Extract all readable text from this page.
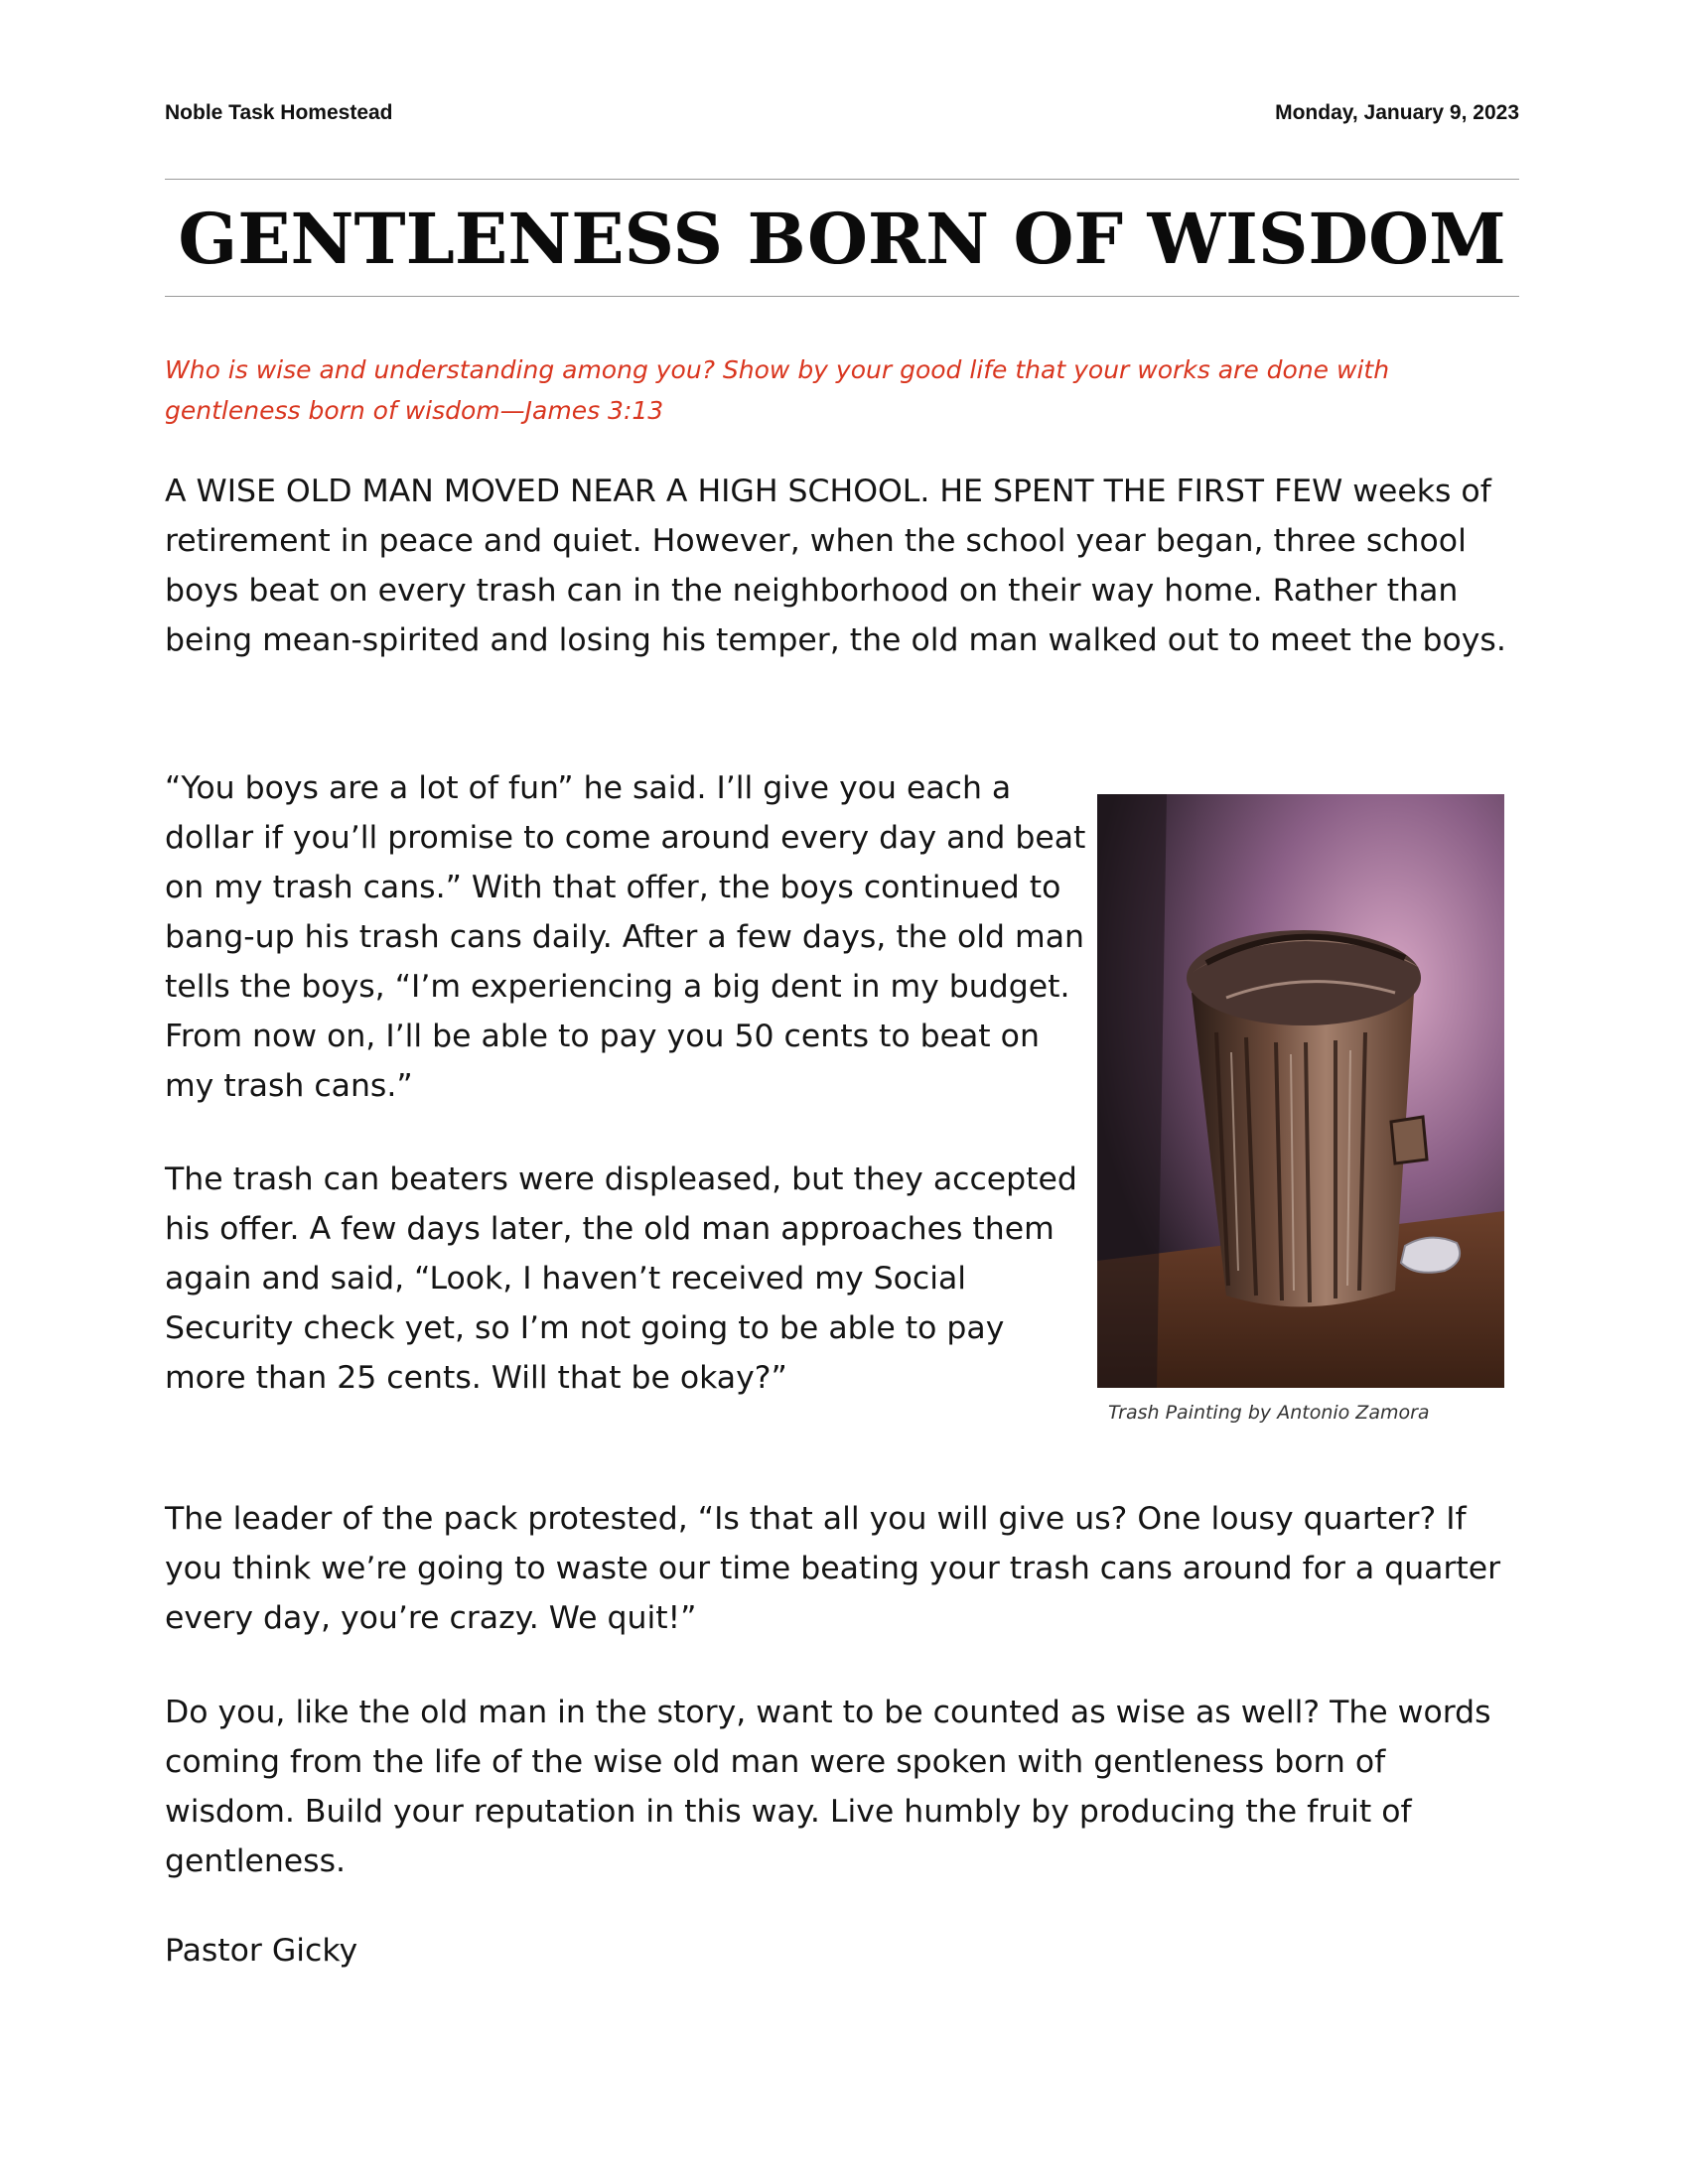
Noble Task Homestead	Monday, January 9, 2023
GENTLENESS BORN OF WISDOM
Who is wise and understanding among you? Show by your good life that your works are done with gentleness born of wisdom—James 3:13

A WISE OLD MAN MOVED NEAR A HIGH SCHOOL. HE SPENT THE FIRST FEW weeks of retirement in peace and quiet. However, when the school year began, three school boys beat on every trash can in the neighborhood on their way home. Rather than being mean-spirited and losing his temper, the old man walked out to meet the boys.

“You boys are a lot of fun” he said. I’ll give you each a dollar if you’ll promise to come around every day and beat on my trash cans.” With that offer, the boys continued to bang-up his trash cans daily. After a few days, the old man tells the boys, “I’m experiencing a big dent in my budget. From now on, I’ll be able to pay you 50 cents to beat on my trash cans.”

The trash can beaters were displeased, but they accepted his offer. A few days later, the old man approaches them again and said, “Look, I haven’t received my Social Security check yet, so I’m not going to be able to pay more than 25 cents. Will that be okay?”

The leader of the pack protested, “Is that all you will give us? One lousy quarter? If you think we’re going to waste our time beating your trash cans around for a quarter every day, you’re crazy. We quit!”

Do you, like the old man in the story, want to be counted as wise as well? The words coming from the life of the wise old man were spoken with gentleness born of wisdom. Build your reputation in this way. Live humbly by producing the fruit of gentleness.

Pastor Gicky

Trash Painting by Antonio Zamora
